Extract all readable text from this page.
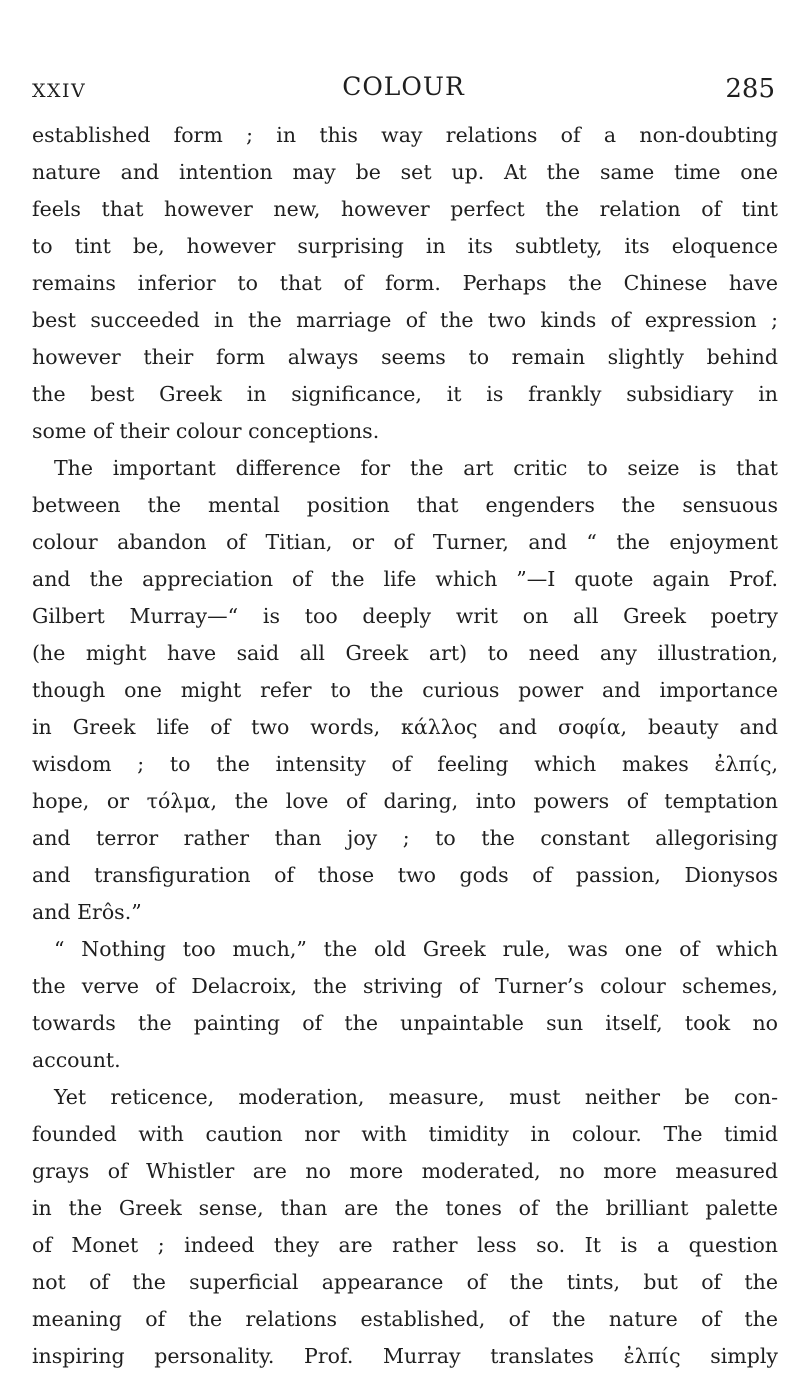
XXIV	COLOUR	285
established form ; in this way relations of a non-doubting
nature and intention may be set up. At the same time one
feels that however new, however perfect the relation of tint
to tint be, however surprising in its subtlety, its eloquence
remains inferior to that of form. Perhaps the Chinese have
best succeeded in the marriage of the two kinds of expression ;
however their form always seems to remain slightly behind
the best Greek in significance, it is frankly subsidiary in
some of their colour conceptions.
The important difference for the art critic to seize is that
between the mental position that engenders the sensuous
colour abandon of Titian, or of Turner, and “ the enjoyment
and the appreciation of the life which ”—I quote again Prof.
Gilbert Murray—“ is too deeply writ on all Greek poetry
(he might have said all Greek art) to need any illustration,
though one might refer to the curious power and importance
in Greek life of two words, κάλλος and σοφία, beauty and
wisdom ; to the intensity of feeling which makes ἐλπίς,
hope, or τόλμα, the love of daring, into powers of temptation
and terror rather than joy ; to the constant allegorising
and transfiguration of those two gods of passion, Dionysos
and Erôs.”
“ Nothing too much,” the old Greek rule, was one of which
the verve of Delacroix, the striving of Turner’s colour schemes,
towards the painting of the unpaintable sun itself, took no
account.
Yet reticence, moderation, measure, must neither be con-
founded with caution nor with timidity in colour. The timid
grays of Whistler are no more moderated, no more measured
in the Greek sense, than are the tones of the brilliant palette
of Monet ; indeed they are rather less so. It is a question
not of the superficial appearance of the tints, but of the
meaning of the relations established, of the nature of the
inspiring personality. Prof. Murray translates ἐλπίς simply
